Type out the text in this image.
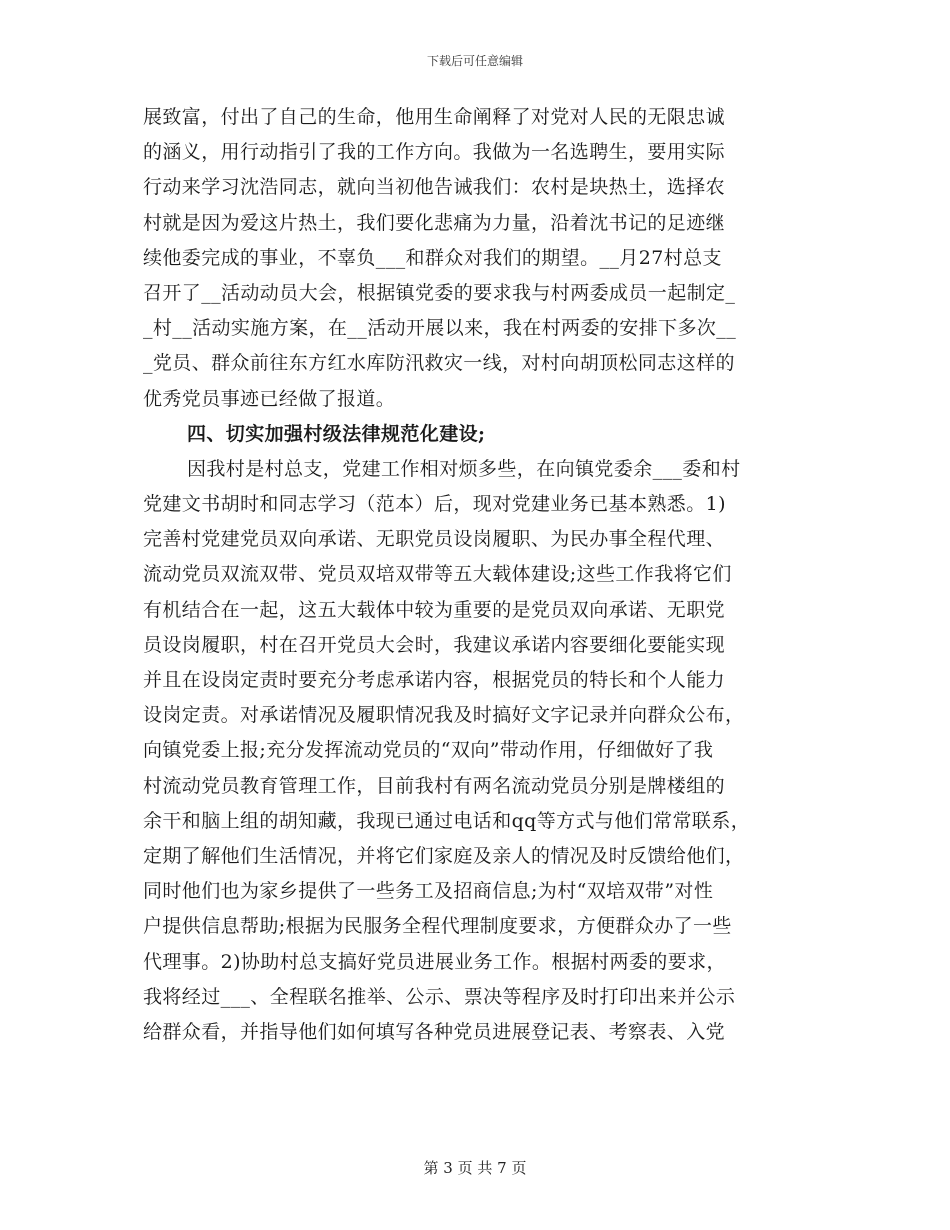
下载后可任意编辑
展致富，付出了自己的生命，他用生命阐释了对党对人民的无限忠诚
的涵义，用行动指引了我的工作方向。我做为一名选聘生，要用实际
行动来学习沈浩同志，就向当初他告诫我们：农村是块热土，选择农
村就是因为爱这片热土，我们要化悲痛为力量，沿着沈书记的足迹继
续他委完成的事业，不辜负___和群众对我们的期望。__月27村总支
召开了__活动动员大会，根据镇党委的要求我与村两委成员一起制定_
_村__活动实施方案，在__活动开展以来，我在村两委的安排下多次__
_党员、群众前往东方红水库防汛救灾一线，对村向胡顶松同志这样的
优秀党员事迹已经做了报道。
四、切实加强村级法律规范化建设;
因我村是村总支，党建工作相对烦多些，在向镇党委余___委和村
党建文书胡时和同志学习（范本）后，现对党建业务已基本熟悉。1)
完善村党建党员双向承诺、无职党员设岗履职、为民办事全程代理、
流动党员双流双带、党员双培双带等五大载体建设;这些工作我将它们
有机结合在一起，这五大载体中较为重要的是党员双向承诺、无职党
员设岗履职，村在召开党员大会时，我建议承诺内容要细化要能实现
并且在设岗定责时要充分考虑承诺内容，根据党员的特长和个人能力
设岗定责。对承诺情况及履职情况我及时搞好文字记录并向群众公布，
向镇党委上报;充分发挥流动党员的“双向”带动作用，仔细做好了我
村流动党员教育管理工作，目前我村有两名流动党员分别是牌楼组的
余干和脑上组的胡知藏，我现已通过电话和qq等方式与他们常常联系，
定期了解他们生活情况，并将它们家庭及亲人的情况及时反馈给他们，
同时他们也为家乡提供了一些务工及招商信息;为村“双培双带”对性
户提供信息帮助;根据为民服务全程代理制度要求，方便群众办了一些
代理事。2)协助村总支搞好党员进展业务工作。根据村两委的要求，
我将经过___、全程联名推举、公示、票决等程序及时打印出来并公示
给群众看，并指导他们如何填写各种党员进展登记表、考察表、入党
第 3 页 共 7 页
